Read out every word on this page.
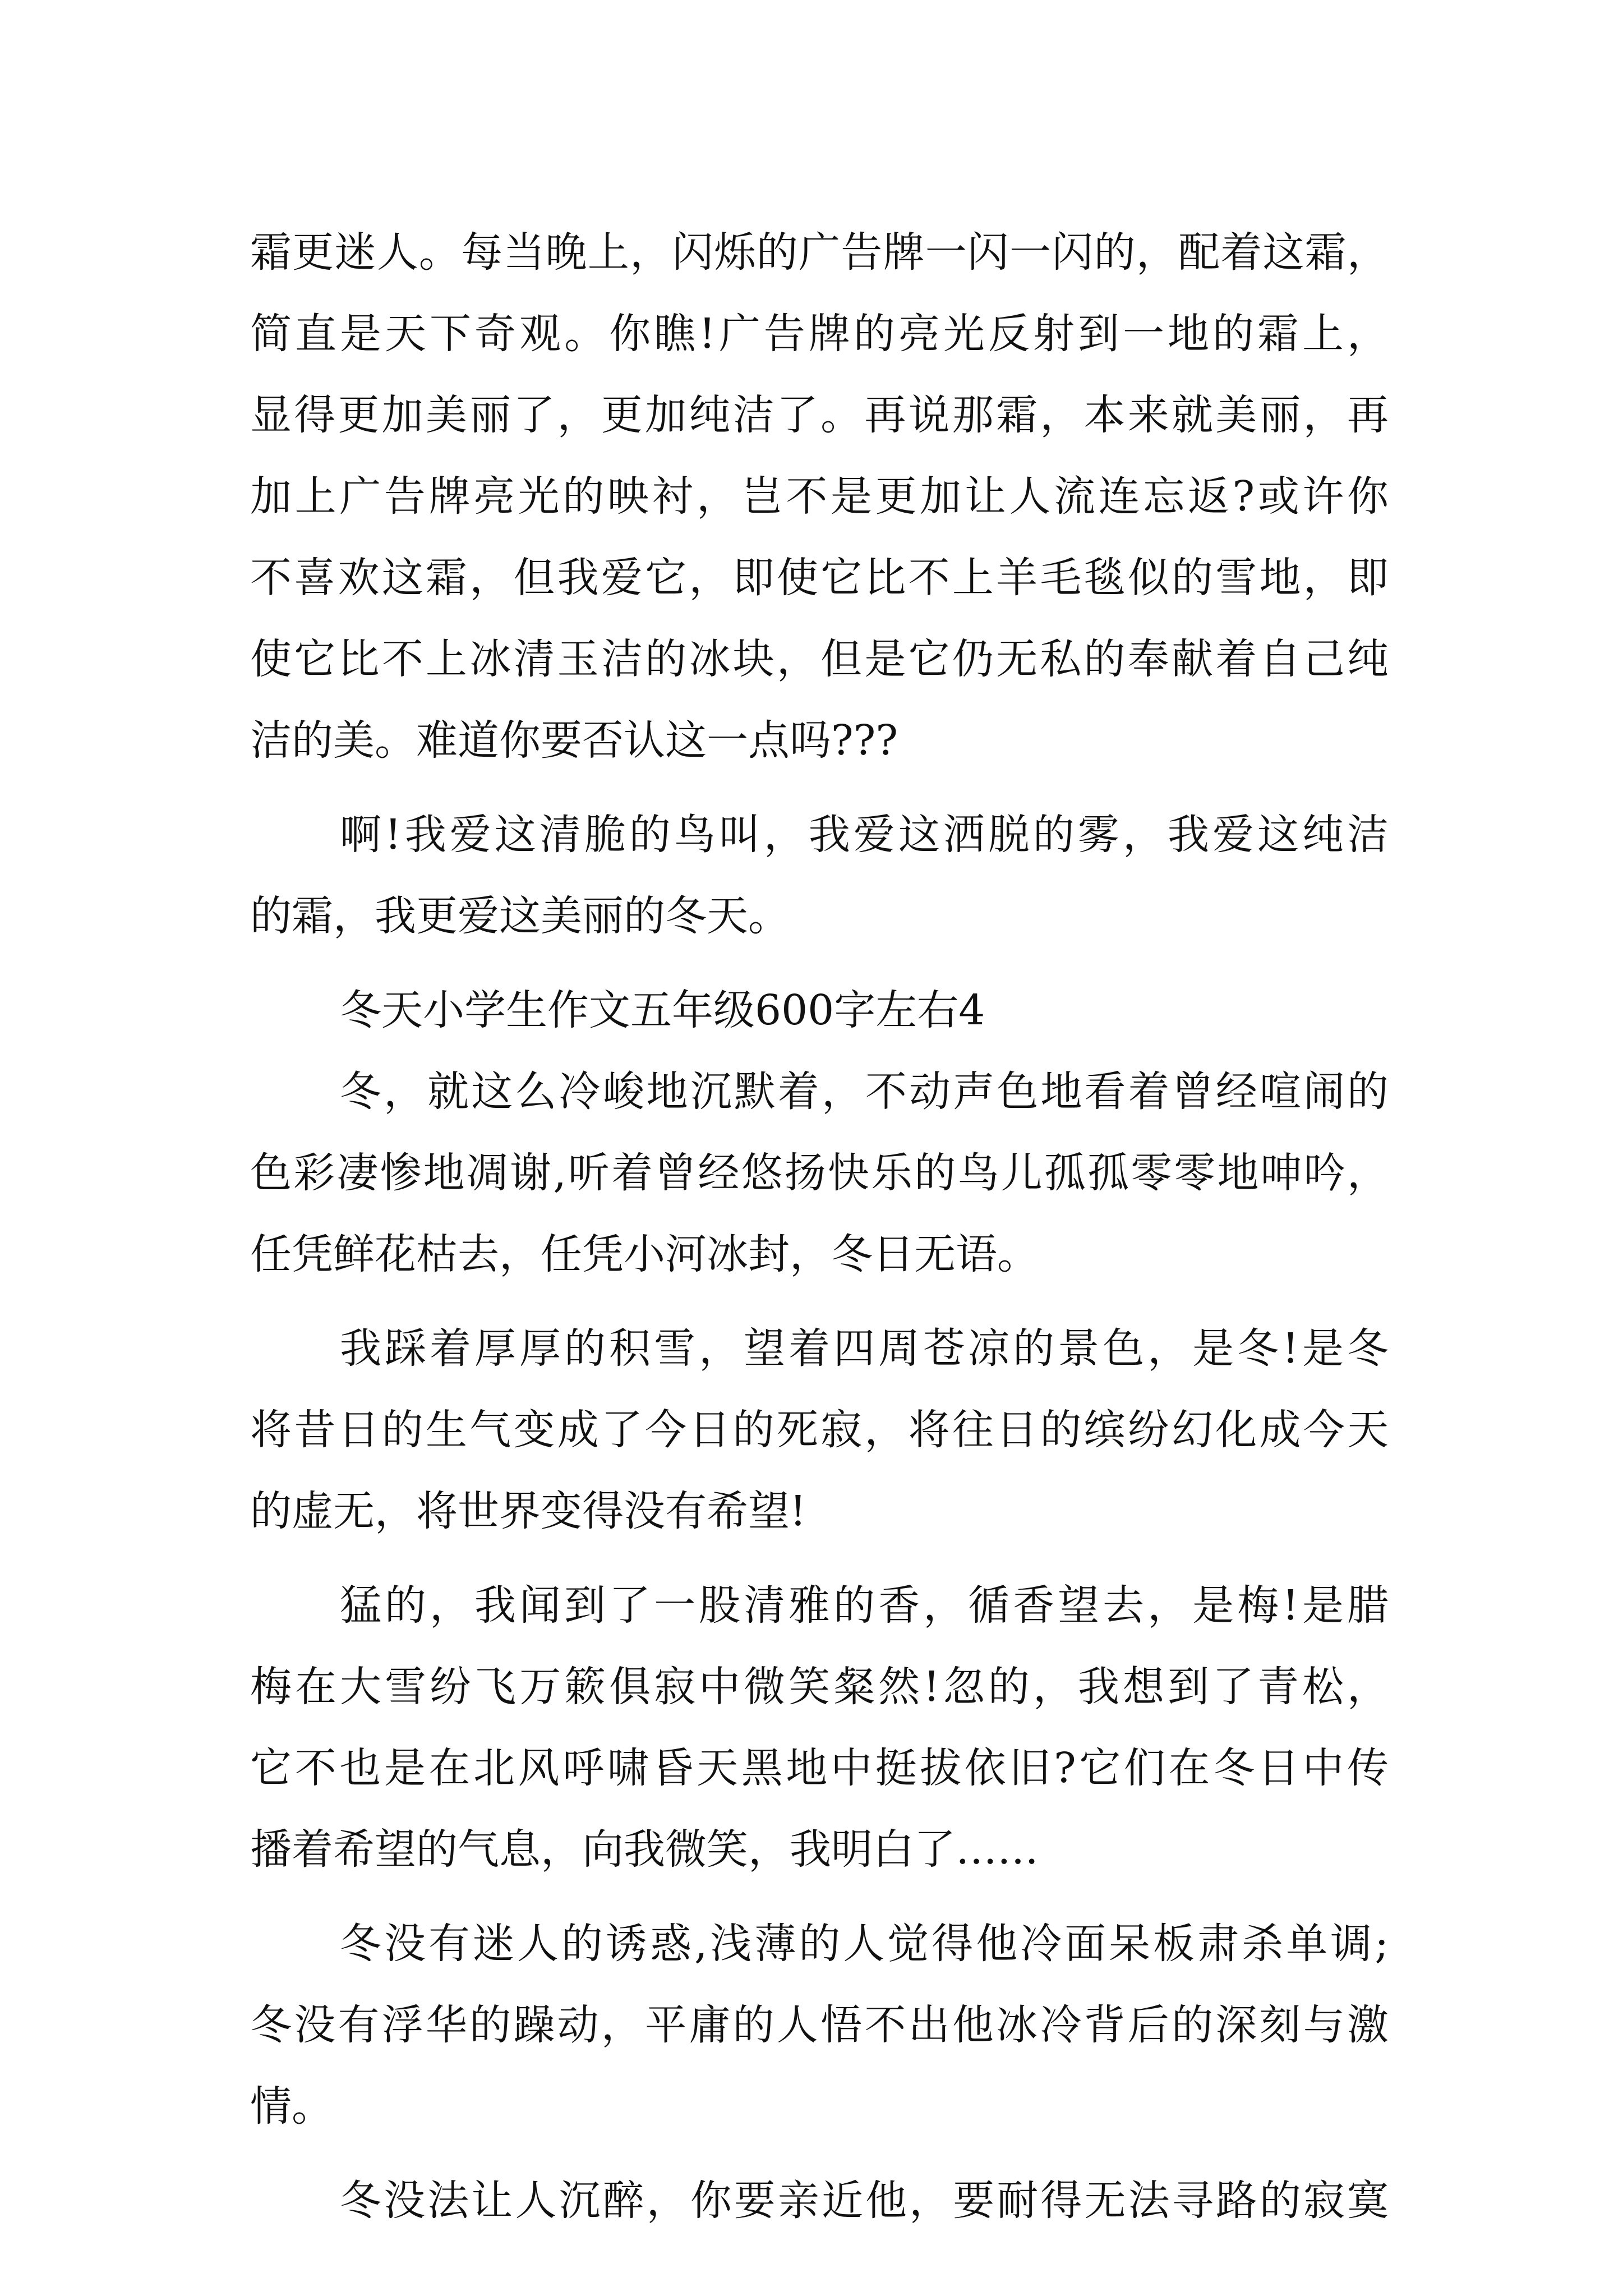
霜更迷人。每当晚上，闪烁的广告牌一闪一闪的，配着这霜，
简直是天下奇观。你瞧!广告牌的亮光反射到一地的霜上，
显得更加美丽了，更加纯洁了。再说那霜，本来就美丽，再
加上广告牌亮光的映衬，岂不是更加让人流连忘返?或许你
不喜欢这霜，但我爱它，即使它比不上羊毛毯似的雪地，即
使它比不上冰清玉洁的冰块，但是它仍无私的奉献着自己纯
洁的美。难道你要否认这一点吗???
啊!我爱这清脆的鸟叫，我爱这洒脱的雾，我爱这纯洁
的霜，我更爱这美丽的冬天。
冬天小学生作文五年级600字左右4
冬，就这么冷峻地沉默着，不动声色地看着曾经喧闹的
色彩凄惨地凋谢,听着曾经悠扬快乐的鸟儿孤孤零零地呻吟，
任凭鲜花枯去，任凭小河冰封，冬日无语。
我踩着厚厚的积雪，望着四周苍凉的景色，是冬!是冬
将昔日的生气变成了今日的死寂，将往日的缤纷幻化成今天
的虚无，将世界变得没有希望!
猛的，我闻到了一股清雅的香，循香望去，是梅!是腊
梅在大雪纷飞万簌俱寂中微笑粲然!忽的，我想到了青松，
它不也是在北风呼啸昏天黑地中挺拔依旧?它们在冬日中传
播着希望的气息，向我微笑，我明白了……
冬没有迷人的诱惑,浅薄的人觉得他冷面呆板肃杀单调;
冬没有浮华的躁动，平庸的人悟不出他冰冷背后的深刻与激
情。
冬没法让人沉醉，你要亲近他，要耐得无法寻路的寂寞
